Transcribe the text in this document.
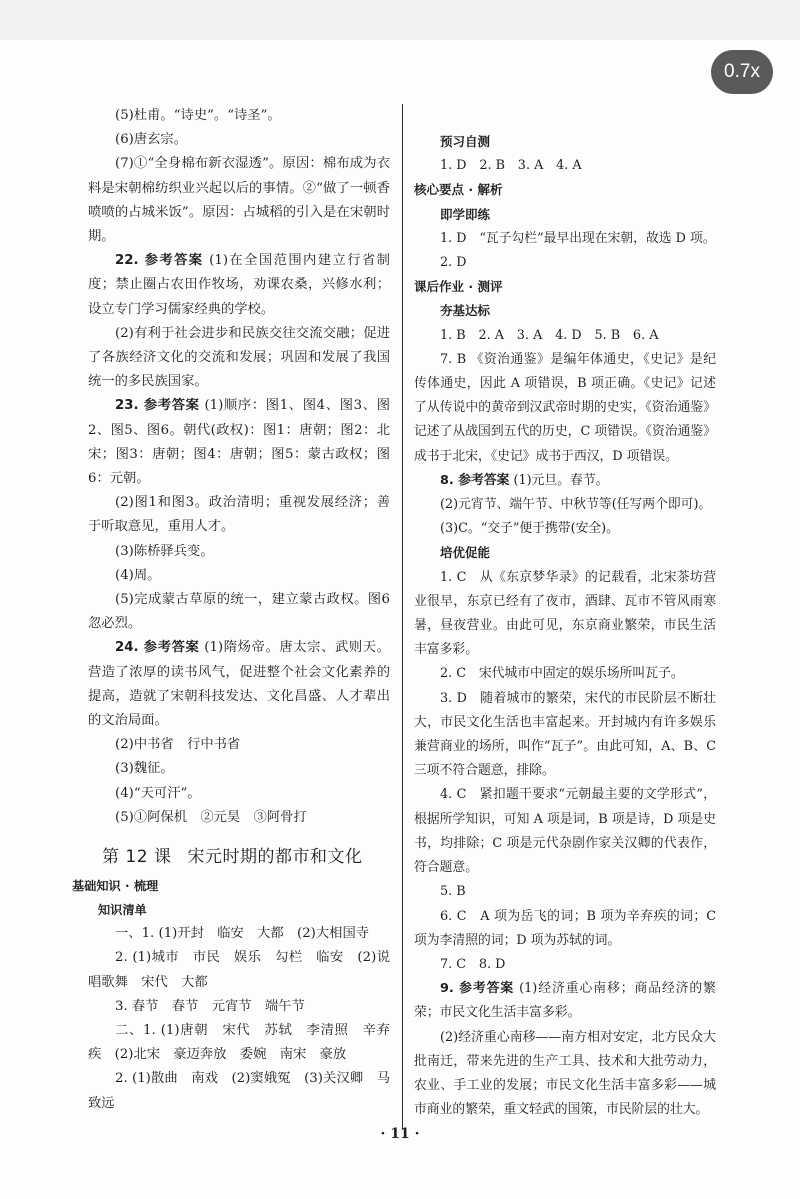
0.7x

(5)杜甫。“诗史”。“诗圣”。

(6)唐玄宗。

(7)①“全身棉布新衣湿透”。原因：棉布成为衣料是宋朝棉纺织业兴起以后的事情。②“做了一顿香喷喷的占城米饭”。原因：占城稻的引入是在宋朝时期。

22. 参考答案 (1)在全国范围内建立行省制度；禁止圈占农田作牧场，劝课农桑，兴修水利；设立专门学习儒家经典的学校。

(2)有利于社会进步和民族交往交流交融；促进了各族经济文化的交流和发展；巩固和发展了我国统一的多民族国家。

23. 参考答案 (1)顺序：图1、图4、图3、图2、图5、图6。朝代(政权)：图1：唐朝；图2：北宋；图3：唐朝；图4：唐朝；图5：蒙古政权；图6：元朝。

(2)图1和图3。政治清明；重视发展经济；善于听取意见，重用人才。

(3)陈桥驿兵变。

(4)周。

(5)完成蒙古草原的统一，建立蒙古政权。图6忽必烈。

24. 参考答案 (1)隋炀帝。唐太宗、武则天。营造了浓厚的读书风气，促进整个社会文化素养的提高，造就了宋朝科技发达、文化昌盛、人才辈出的文治局面。

(2)中书省　行中书省

(3)魏征。

(4)“天可汗”。

(5)①阿保机　②元昊　③阿骨打

第 12 课 宋元时期的都市和文化
基础知识 · 梳理
知识清单

一、1. (1)开封　临安　大都　(2)大相国寺

2. (1)城市　市民　娱乐　勾栏　临安　(2)说唱歌舞　宋代　大都

3. 春节　春节　元宵节　端午节

二、1. (1)唐朝　宋代　苏轼　李清照　辛弃疾　(2)北宋　豪迈奔放　委婉　南宋　豪放

2. (1)散曲　南戏　(2)窦娥冤　(3)关汉卿　马致远

预习自测

1. D　2. B　3. A　4. A

核心要点 · 解析
即学即练

1. D　“瓦子勾栏”最早出现在宋朝，故选 D 项。

2. D

课后作业 · 测评
夯基达标

1. B　2. A　3. A　4. D　5. B　6. A

7. B 《资治通鉴》是编年体通史，《史记》是纪传体通史，因此 A 项错误，B 项正确。《史记》记述了从传说中的黄帝到汉武帝时期的史实，《资治通鉴》记述了从战国到五代的历史，C 项错误。《资治通鉴》成书于北宋，《史记》成书于西汉，D 项错误。

8. 参考答案 (1)元旦。春节。

(2)元宵节、端午节、中秋节等(任写两个即可)。

(3)C。“交子”便于携带(安全)。

培优促能

1. C　从《东京梦华录》的记载看，北宋茶坊营业很早，东京已经有了夜市，酒肆、瓦市不管风雨寒暑，昼夜营业。由此可见，东京商业繁荣，市民生活丰富多彩。

2. C　宋代城市中固定的娱乐场所叫瓦子。

3. D　随着城市的繁荣，宋代的市民阶层不断壮大，市民文化生活也丰富起来。开封城内有许多娱乐兼营商业的场所，叫作“瓦子”。由此可知，A、B、C 三项不符合题意，排除。

4. C　紧扣题干要求“元朝最主要的文学形式”，根据所学知识，可知 A 项是词，B 项是诗，D 项是史书，均排除；C 项是元代杂剧作家关汉卿的代表作，符合题意。

5. B

6. C　A 项为岳飞的词；B 项为辛弃疾的词；C 项为李清照的词；D 项为苏轼的词。

7. C　8. D

9. 参考答案 (1)经济重心南移；商品经济的繁荣；市民文化生活丰富多彩。

(2)经济重心南移——南方相对安定，北方民众大批南迁，带来先进的生产工具、技术和大批劳动力，农业、手工业的发展；市民文化生活丰富多彩——城市商业的繁荣，重文轻武的国策，市民阶层的壮大。

· 11 ·
